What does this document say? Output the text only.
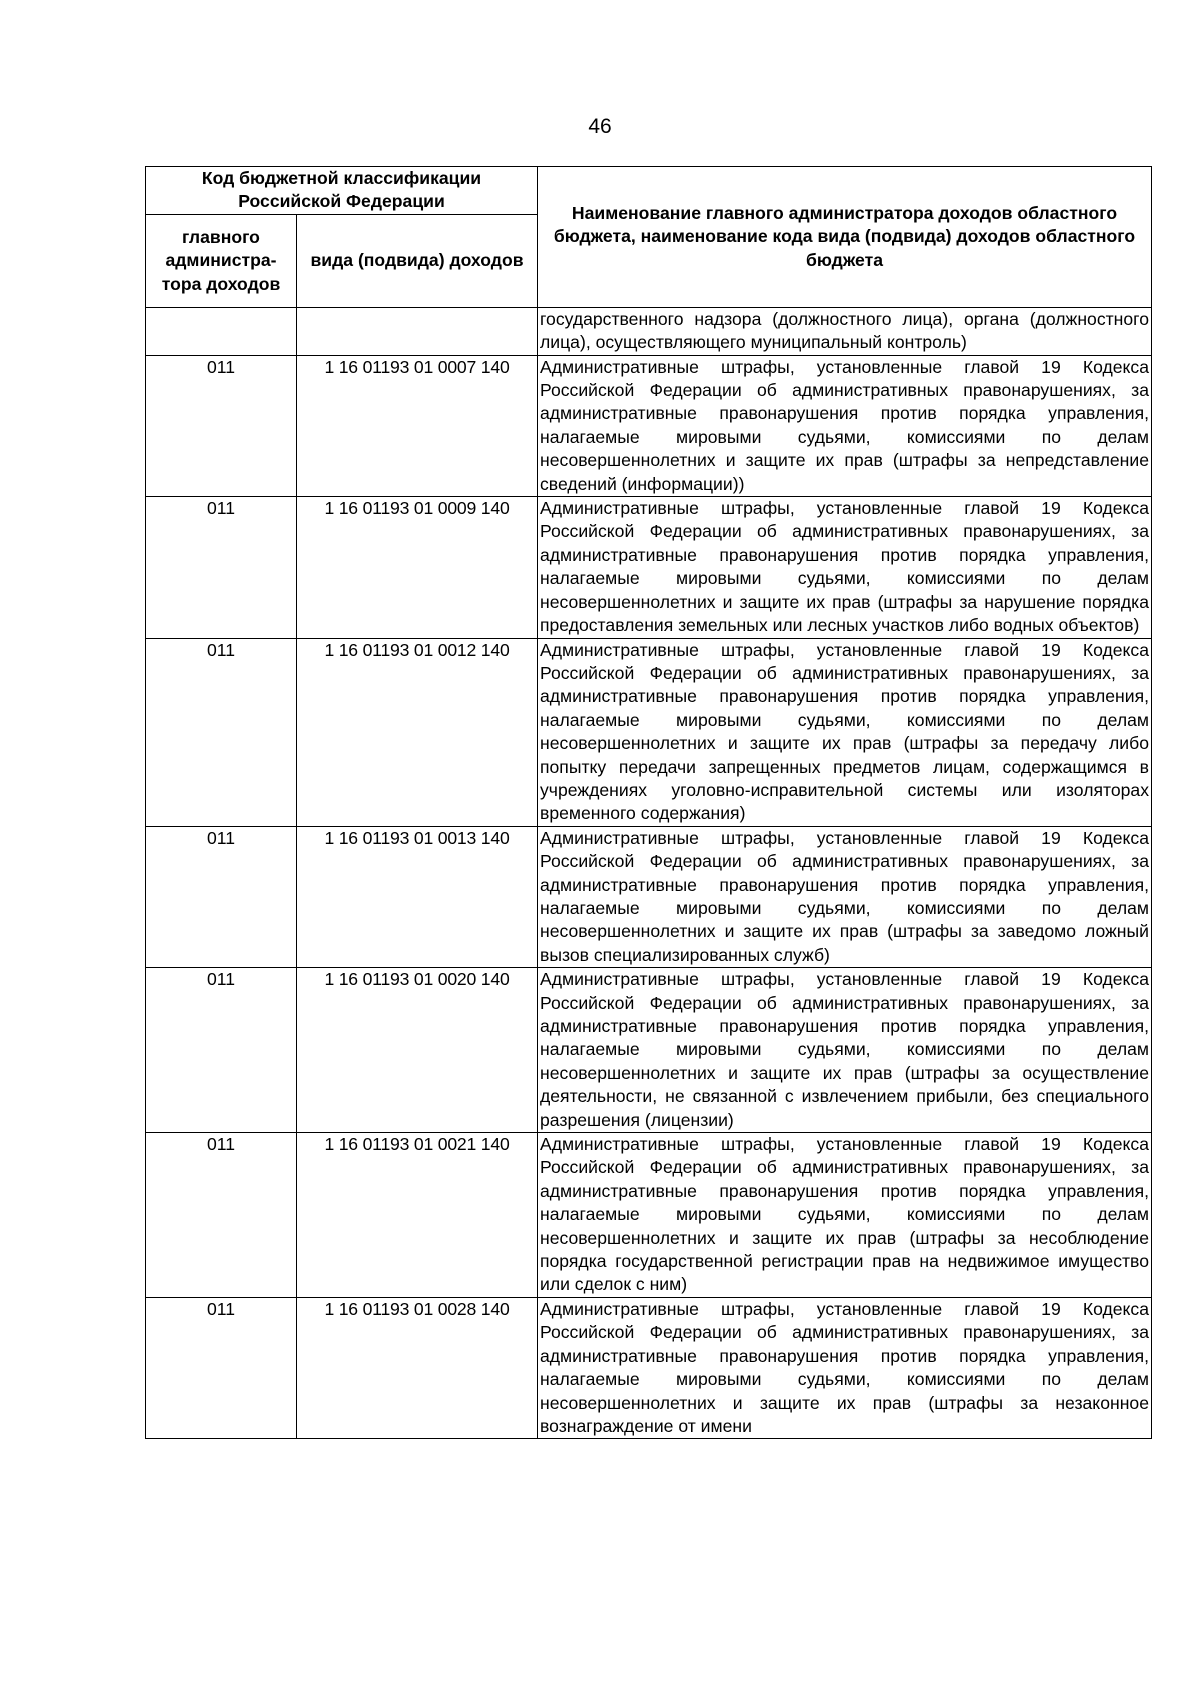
46
Код бюджетной классификации Российской Федерации		Наименование главного администратора доходов областного бюджета, наименование кода вида (подвида) доходов областного бюджета
главного администра-тора доходов	вида (подвида) доходов	
		государственного надзора (должностного лица), органа (должностного лица), осуществляющего муниципальный контроль)
011	1 16 01193 01 0007 140	Административные штрафы, установленные главой 19 Кодекса Российской Федерации об административных правонарушениях, за административные правонарушения против порядка управления, налагаемые мировыми судьями, комиссиями по делам несовершеннолетних и защите их прав (штрафы за непредставление сведений (информации))
011	1 16 01193 01 0009 140	Административные штрафы, установленные главой 19 Кодекса Российской Федерации об административных правонарушениях, за административные правонарушения против порядка управления, налагаемые мировыми судьями, комиссиями по делам несовершеннолетних и защите их прав (штрафы за нарушение порядка предоставления земельных или лесных участков либо водных объектов)
011	1 16 01193 01 0012 140	Административные штрафы, установленные главой 19 Кодекса Российской Федерации об административных правонарушениях, за административные правонарушения против порядка управления, налагаемые мировыми судьями, комиссиями по делам несовершеннолетних и защите их прав (штрафы за передачу либо попытку передачи запрещенных предметов лицам, содержащимся в учреждениях уголовно-исправительной системы или изоляторах временного содержания)
011	1 16 01193 01 0013 140	Административные штрафы, установленные главой 19 Кодекса Российской Федерации об административных правонарушениях, за административные правонарушения против порядка управления, налагаемые мировыми судьями, комиссиями по делам несовершеннолетних и защите их прав (штрафы за заведомо ложный вызов специализированных служб)
011	1 16 01193 01 0020 140	Административные штрафы, установленные главой 19 Кодекса Российской Федерации об административных правонарушениях, за административные правонарушения против порядка управления, налагаемые мировыми судьями, комиссиями по делам несовершеннолетних и защите их прав (штрафы за осуществление деятельности, не связанной с извлечением прибыли, без специального разрешения (лицензии)
011	1 16 01193 01 0021 140	Административные штрафы, установленные главой 19 Кодекса Российской Федерации об административных правонарушениях, за административные правонарушения против порядка управления, налагаемые мировыми судьями, комиссиями по делам несовершеннолетних и защите их прав (штрафы за несоблюдение порядка государственной регистрации прав на недвижимое имущество или сделок с ним)
011	1 16 01193 01 0028 140	Административные штрафы, установленные главой 19 Кодекса Российской Федерации об административных правонарушениях, за административные правонарушения против порядка управления, налагаемые мировыми судьями, комиссиями по делам несовершеннолетних и защите их прав (штрафы за незаконное вознаграждение от имени
